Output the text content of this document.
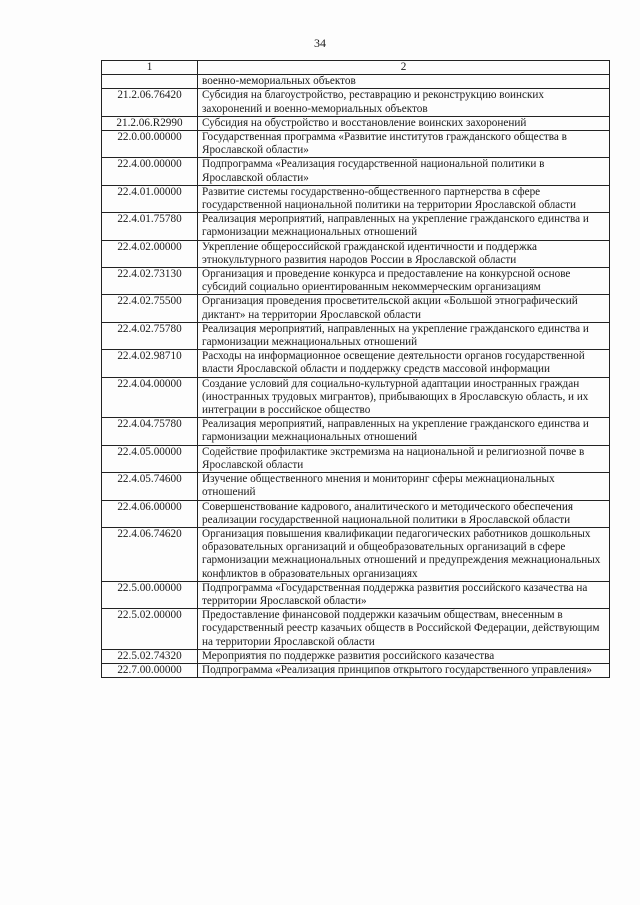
34
1	2
	военно-мемориальных объектов
21.2.06.76420	Субсидия на благоустройство, реставрацию и реконструкцию воинских захоронений и военно-мемориальных объектов
21.2.06.R2990	Субсидия на обустройство и восстановление воинских захоронений
22.0.00.00000	Государственная программа «Развитие институтов гражданского общества в Ярославской области»
22.4.00.00000	Подпрограмма «Реализация государственной национальной политики в Ярославской области»
22.4.01.00000	Развитие системы государственно-общественного партнерства в сфере государственной национальной политики на территории Ярославской области
22.4.01.75780	Реализация мероприятий, направленных на укрепление гражданского единства и гармонизации межнациональных отношений
22.4.02.00000	Укрепление общероссийской гражданской идентичности и поддержка этнокультурного развития народов России в Ярославской области
22.4.02.73130	Организация и проведение конкурса и предоставление на конкурсной основе субсидий социально ориентированным некоммерческим организациям
22.4.02.75500	Организация проведения просветительской акции «Большой этнографический диктант» на территории Ярославской области
22.4.02.75780	Реализация мероприятий, направленных на укрепление гражданского единства и гармонизации межнациональных отношений
22.4.02.98710	Расходы на информационное освещение деятельности органов государственной власти Ярославской области и поддержку средств массовой информации
22.4.04.00000	Создание условий для социально-культурной адаптации иностранных граждан (иностранных трудовых мигрантов), прибывающих в Ярославскую область, и их интеграции в российское общество
22.4.04.75780	Реализация мероприятий, направленных на укрепление гражданского единства и гармонизации межнациональных отношений
22.4.05.00000	Содействие профилактике экстремизма на национальной и религиозной почве в Ярославской области
22.4.05.74600	Изучение общественного мнения и мониторинг сферы межнациональных отношений
22.4.06.00000	Совершенствование кадрового, аналитического и методического обеспечения реализации государственной национальной политики в Ярославской области
22.4.06.74620	Организация повышения квалификации педагогических работников дошкольных образовательных организаций и общеобразовательных организаций в сфере гармонизации межнациональных отношений и предупреждения межнациональных конфликтов в образовательных организациях
22.5.00.00000	Подпрограмма «Государственная поддержка развития российского казачества на территории Ярославской области»
22.5.02.00000	Предоставление финансовой поддержки казачьим обществам, внесенным в государственный реестр казачьих обществ в Российской Федерации, действующим на территории Ярославской области
22.5.02.74320	Мероприятия по поддержке развития российского казачества
22.7.00.00000	Подпрограмма «Реализация принципов открытого государственного управления»
